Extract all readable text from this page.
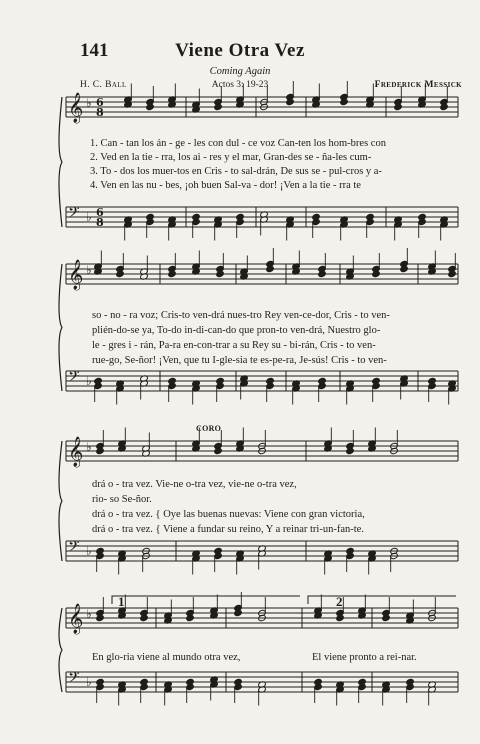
141	Viene Otra Vez
Coming Again
H. C. Ball	Actos 3: 19-23	Frederick Messick
𝄞 ♭ 6
8
𝄢 ♭ 6
8
𝄞 ♭
𝄢 ♭
𝄞 ♭
𝄢 ♭
𝄞 ♭
𝄢 ♭
1. Can - tan los án - ge - les con dul - ce voz Can-ten los hom-bres con
2. Ved en la tie - rra, los ai - res y el mar, Gran-des se - ña-les cum-
3. To - dos los muer-tos en Cris - to sal-drán, De sus se - pul-cros y a-
4. Ven en las nu - bes, ¡oh buen Sal-va - dor! ¡Ven a la tie - rra te
so - no - ra voz; Cris-to ven-drá nues-tro Rey ven-ce-dor, Cris - to ven-
plién-do-se ya, To-do in-di-can-do que pron-to ven-drá, Nuestro glo-
le - gres i - rán, Pa-ra en-con-trar a su Rey su - bi-rán, Cris - to ven-
rue-go, Se-ñor! ¡Ven, que tu I-gle-sia te es-pe-ra, Je-sús! Cris - to ven-
CORO
drá o - tra vez. Vie-ne o-tra vez, vie-ne o-tra vez,
rio- so Se-ñor.
drá o - tra vez. { Oye las buenas nuevas: Viene con gran victoria,
drá o - tra vez. { Viene a fundar su reino, Y a reinar tri-un-fan-te.
1	2
En glo-ria viene al mundo otra vez,	El viene pronto a rei-nar.
